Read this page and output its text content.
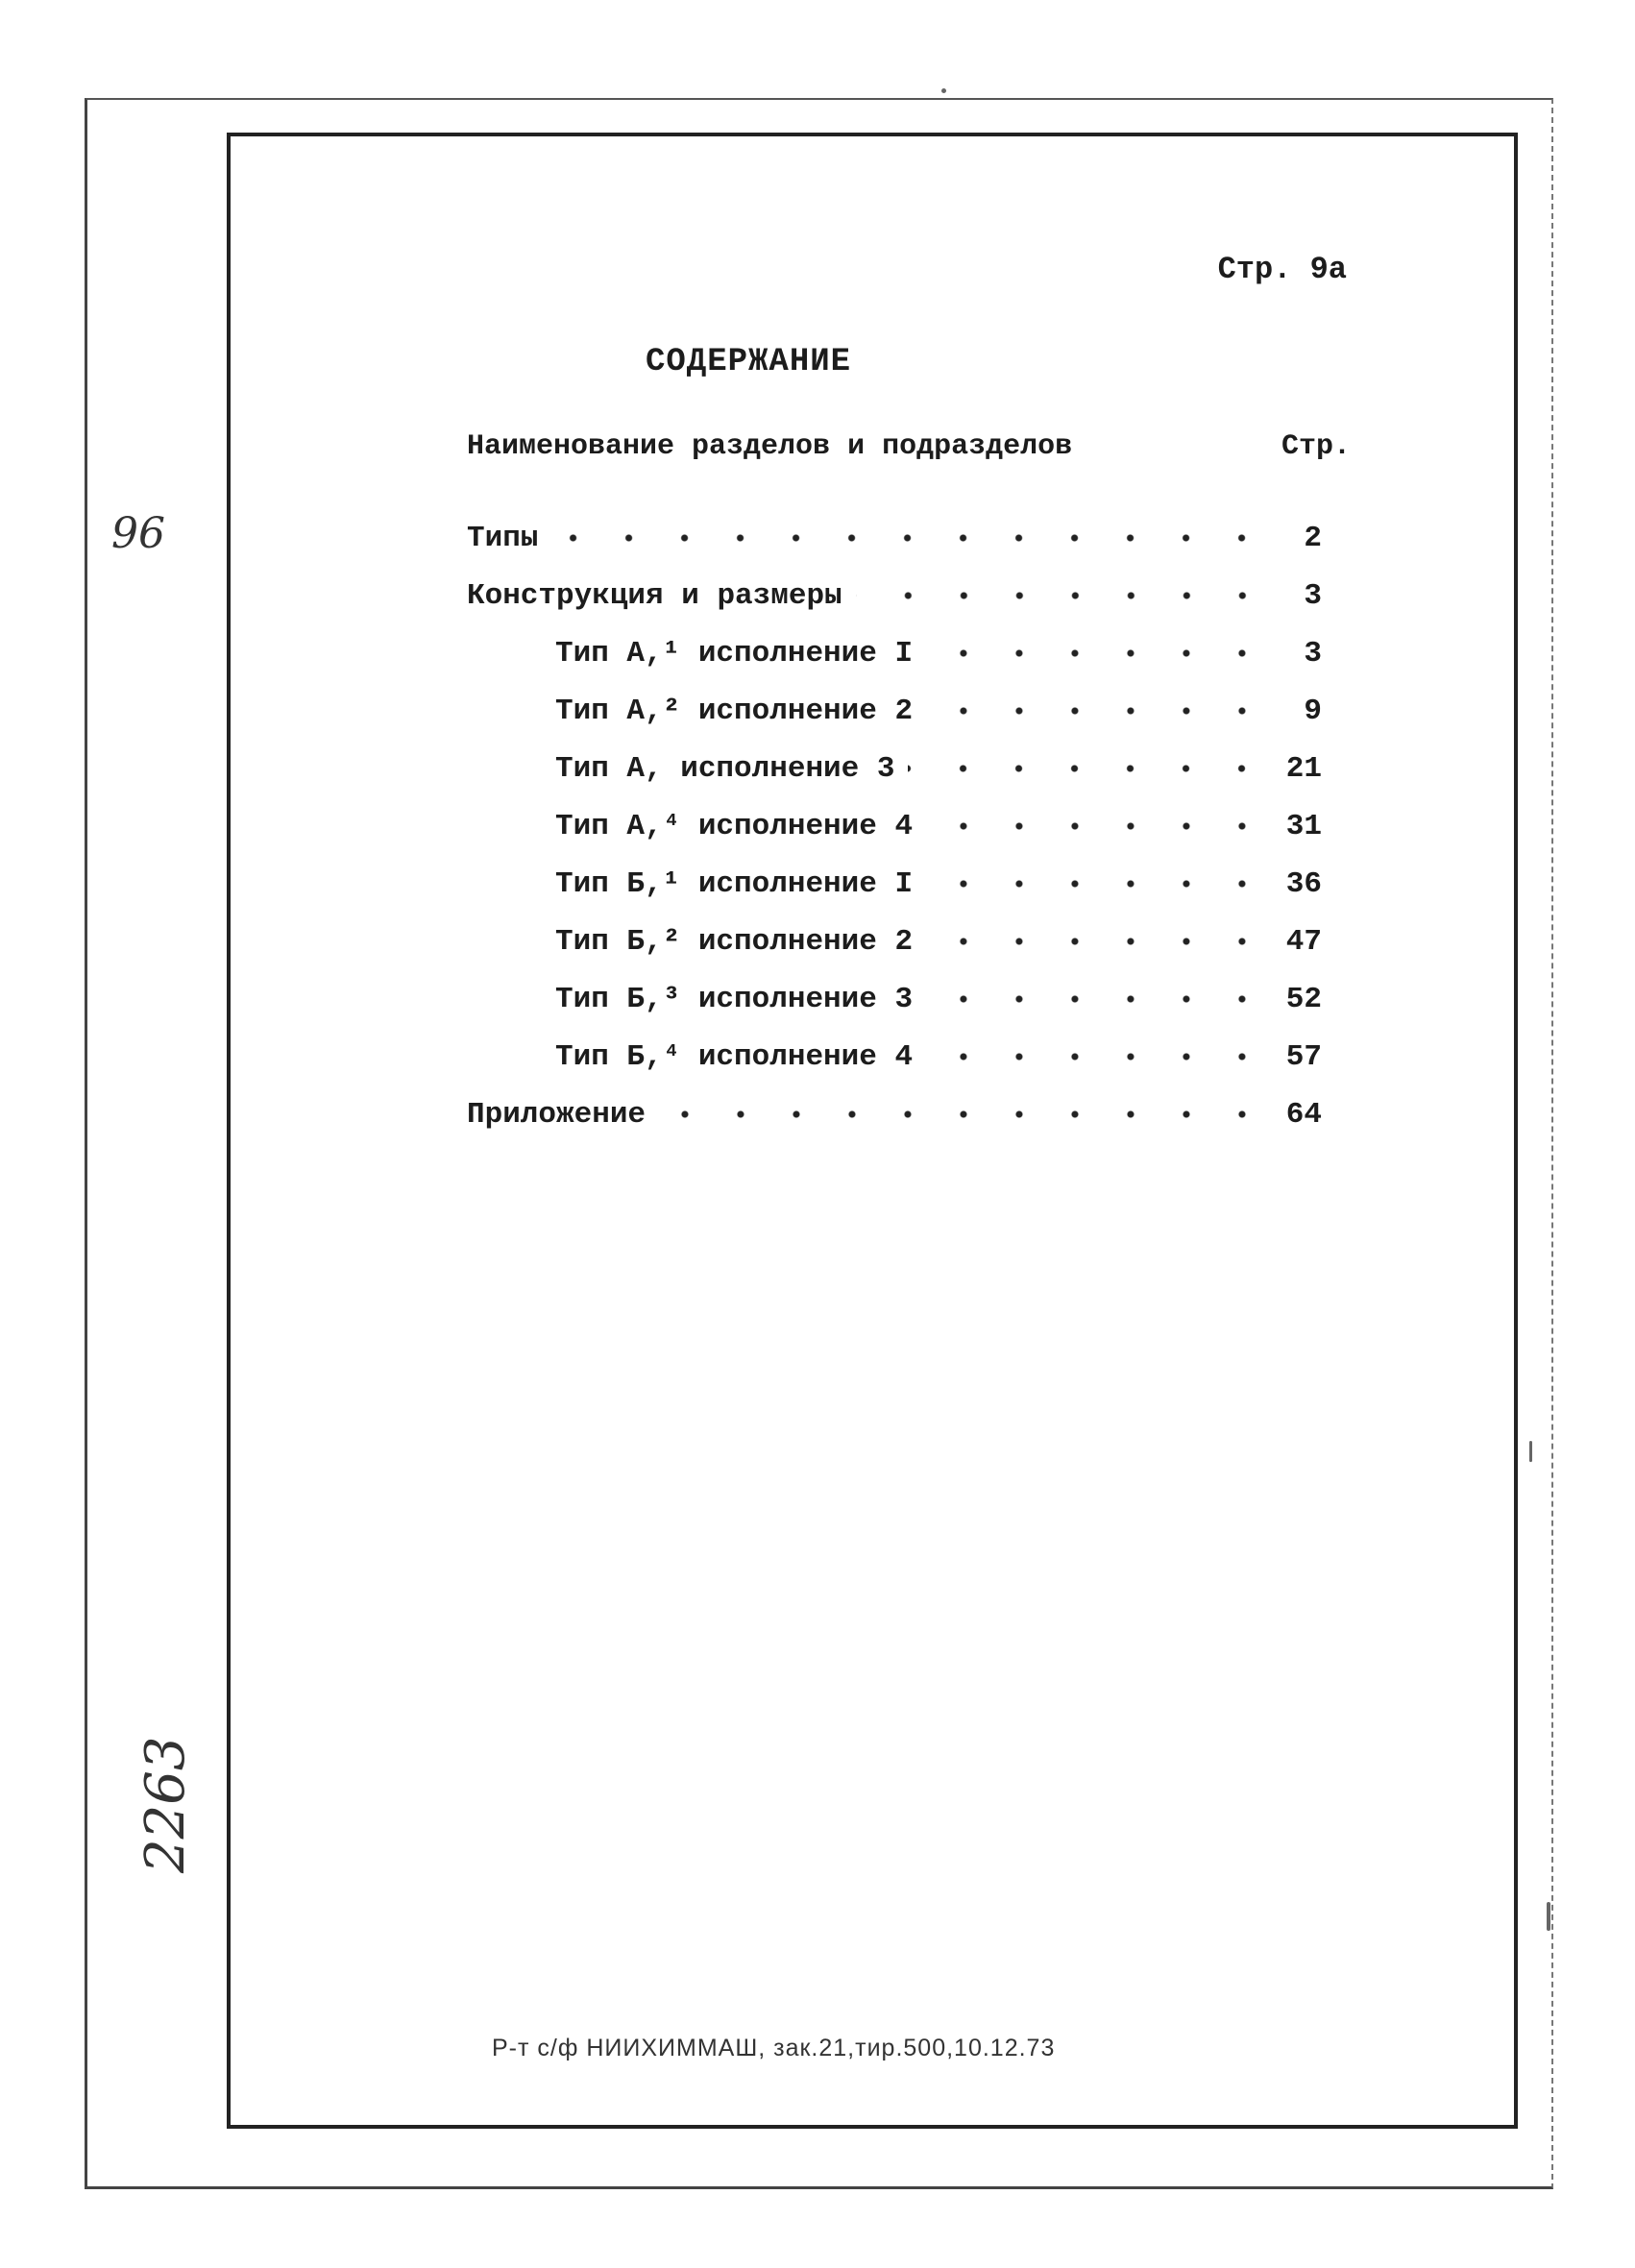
96
2263
Стр. 9а
СОДЕРЖАНИЕ
Наименование разделов и подразделов	Стр.
Типы	2
Конструкция и размеры	3
Тип А,¹ исполнение I	3
Тип А,² исполнение 2	9
Тип А, исполнение 3	21
Тип А,⁴ исполнение 4	31
Тип Б,¹ исполнение I	36
Тип Б,² исполнение 2	47
Тип Б,³ исполнение 3	52
Тип Б,⁴ исполнение 4	57
Приложение	64
Р-т с/ф НИИХИММАШ, зак.21,тир.500,10.12.73
